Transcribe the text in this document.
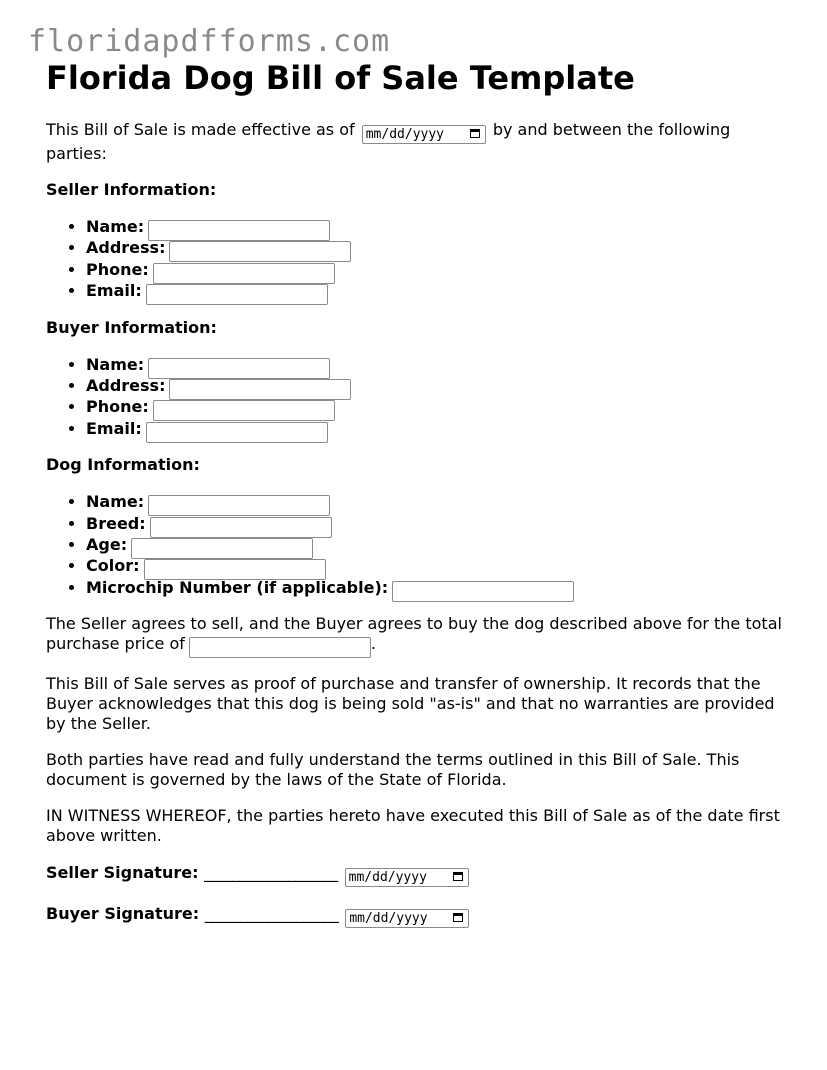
floridapdfforms.com
Florida Dog Bill of Sale Template

This Bill of Sale is made effective as of mm/dd/yyyy	by and between the following parties:

Seller Information:

• Name:
• Address:
• Phone:
• Email:

Buyer Information:

• Name:
• Address:
• Phone:
• Email:

Dog Information:

• Name:
• Breed:
• Age:
• Color:
• Microchip Number (if applicable):

The Seller agrees to sell, and the Buyer agrees to buy the dog described above for the total purchase price of	.

This Bill of Sale serves as proof of purchase and transfer of ownership. It records that the Buyer acknowledges that this dog is being sold "as-is" and that no warranties are provided by the Seller.

Both parties have read and fully understand the terms outlined in this Bill of Sale. This document is governed by the laws of the State of Florida.

IN WITNESS WHEREOF, the parties hereto have executed this Bill of Sale as of the date first above written.

Seller Signature: ___________________ mm/dd/yyyy

Buyer Signature: ___________________ mm/dd/yyyy
